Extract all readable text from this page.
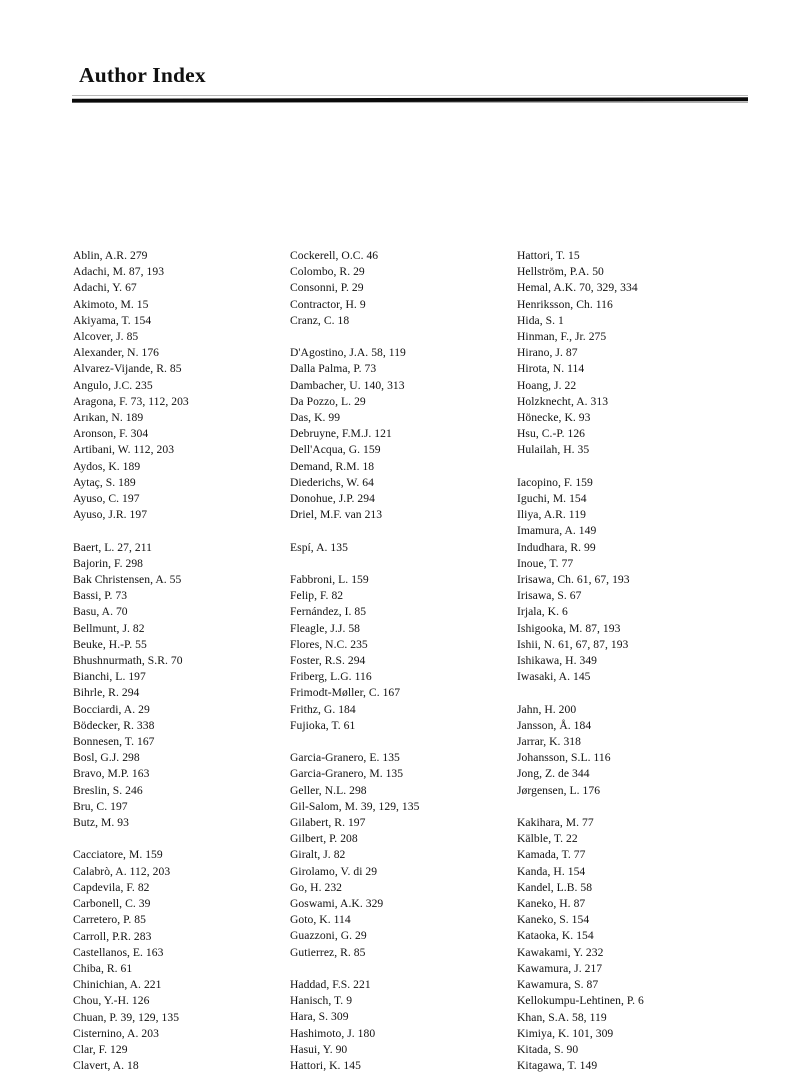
Author Index
Ablin, A.R. 279
Adachi, M. 87, 193
Adachi, Y. 67
Akimoto, M. 15
Akiyama, T. 154
Alcover, J. 85
Alexander, N. 176
Alvarez-Vijande, R. 85
Angulo, J.C. 235
Aragona, F. 73, 112, 203
Arıkan, N. 189
Aronson, F. 304
Artibani, W. 112, 203
Aydos, K. 189
Aytaç, S. 189
Ayuso, C. 197
Ayuso, J.R. 197
Baert, L. 27, 211
Bajorin, F. 298
Bak Christensen, A. 55
Bassi, P. 73
Basu, A. 70
Bellmunt, J. 82
Beuke, H.-P. 55
Bhushnurmath, S.R. 70
Bianchi, L. 197
Bihrle, R. 294
Bocciardi, A. 29
Bödecker, R. 338
Bonnesen, T. 167
Bosl, G.J. 298
Bravo, M.P. 163
Breslin, S. 246
Bru, C. 197
Butz, M. 93
Cacciatore, M. 159
Calabrò, A. 112, 203
Capdevila, F. 82
Carbonell, C. 39
Carretero, P. 85
Carroll, P.R. 283
Castellanos, E. 163
Chiba, R. 61
Chinichian, A. 221
Chou, Y.-H. 126
Chuan, P. 39, 129, 135
Cisternino, A. 203
Clar, F. 129
Clavert, A. 18
Cockerell, O.C. 46
Colombo, R. 29
Consonni, P. 29
Contractor, H. 9
Cranz, C. 18
D'Agostino, J.A. 58, 119
Dalla Palma, P. 73
Dambacher, U. 140, 313
Da Pozzo, L. 29
Das, K. 99
Debruyne, F.M.J. 121
Dell'Acqua, G. 159
Demand, R.M. 18
Diederichs, W. 64
Donohue, J.P. 294
Driel, M.F. van 213
Espí, A. 135
Fabbroni, L. 159
Felip, F. 82
Fernández, I. 85
Fleagle, J.J. 58
Flores, N.C. 235
Foster, R.S. 294
Friberg, L.G. 116
Frimodt-Møller, C. 167
Frithz, G. 184
Fujioka, T. 61
Garcia-Granero, E. 135
Garcia-Granero, M. 135
Geller, N.L. 298
Gil-Salom, M. 39, 129, 135
Gilabert, R. 197
Gilbert, P. 208
Giralt, J. 82
Girolamo, V. di 29
Go, H. 232
Goswami, A.K. 329
Goto, K. 114
Guazzoni, G. 29
Gutierrez, R. 85
Haddad, F.S. 221
Hanisch, T. 9
Hara, S. 309
Hashimoto, J. 180
Hasui, Y. 90
Hattori, K. 145
Hattori, T. 15
Hellström, P.A. 50
Hemal, A.K. 70, 329, 334
Henriksson, Ch. 116
Hida, S. 1
Hinman, F., Jr. 275
Hirano, J. 87
Hirota, N. 114
Hoang, J. 22
Holzknecht, A. 313
Hönecke, K. 93
Hsu, C.-P. 126
Hulailah, H. 35
Iacopino, F. 159
Iguchi, M. 154
Iliya, A.R. 119
Imamura, A. 149
Indudhara, R. 99
Inoue, T. 77
Irisawa, Ch. 61, 67, 193
Irisawa, S. 67
Irjala, K. 6
Ishigooka, M. 87, 193
Ishii, N. 61, 67, 87, 193
Ishikawa, H. 349
Iwasaki, A. 145
Jahn, H. 200
Jansson, Å. 184
Jarrar, K. 318
Johansson, S.L. 116
Jong, Z. de 344
Jørgensen, L. 176
Kakihara, M. 77
Kälble, T. 22
Kamada, T. 77
Kanda, H. 154
Kandel, L.B. 58
Kaneko, H. 87
Kaneko, S. 154
Kataoka, K. 154
Kawakami, Y. 232
Kawamura, J. 217
Kawamura, S. 87
Kellokumpu-Lehtinen, P. 6
Khan, S.A. 58, 119
Kimiya, K. 101, 309
Kitada, S. 90
Kitagawa, T. 149
